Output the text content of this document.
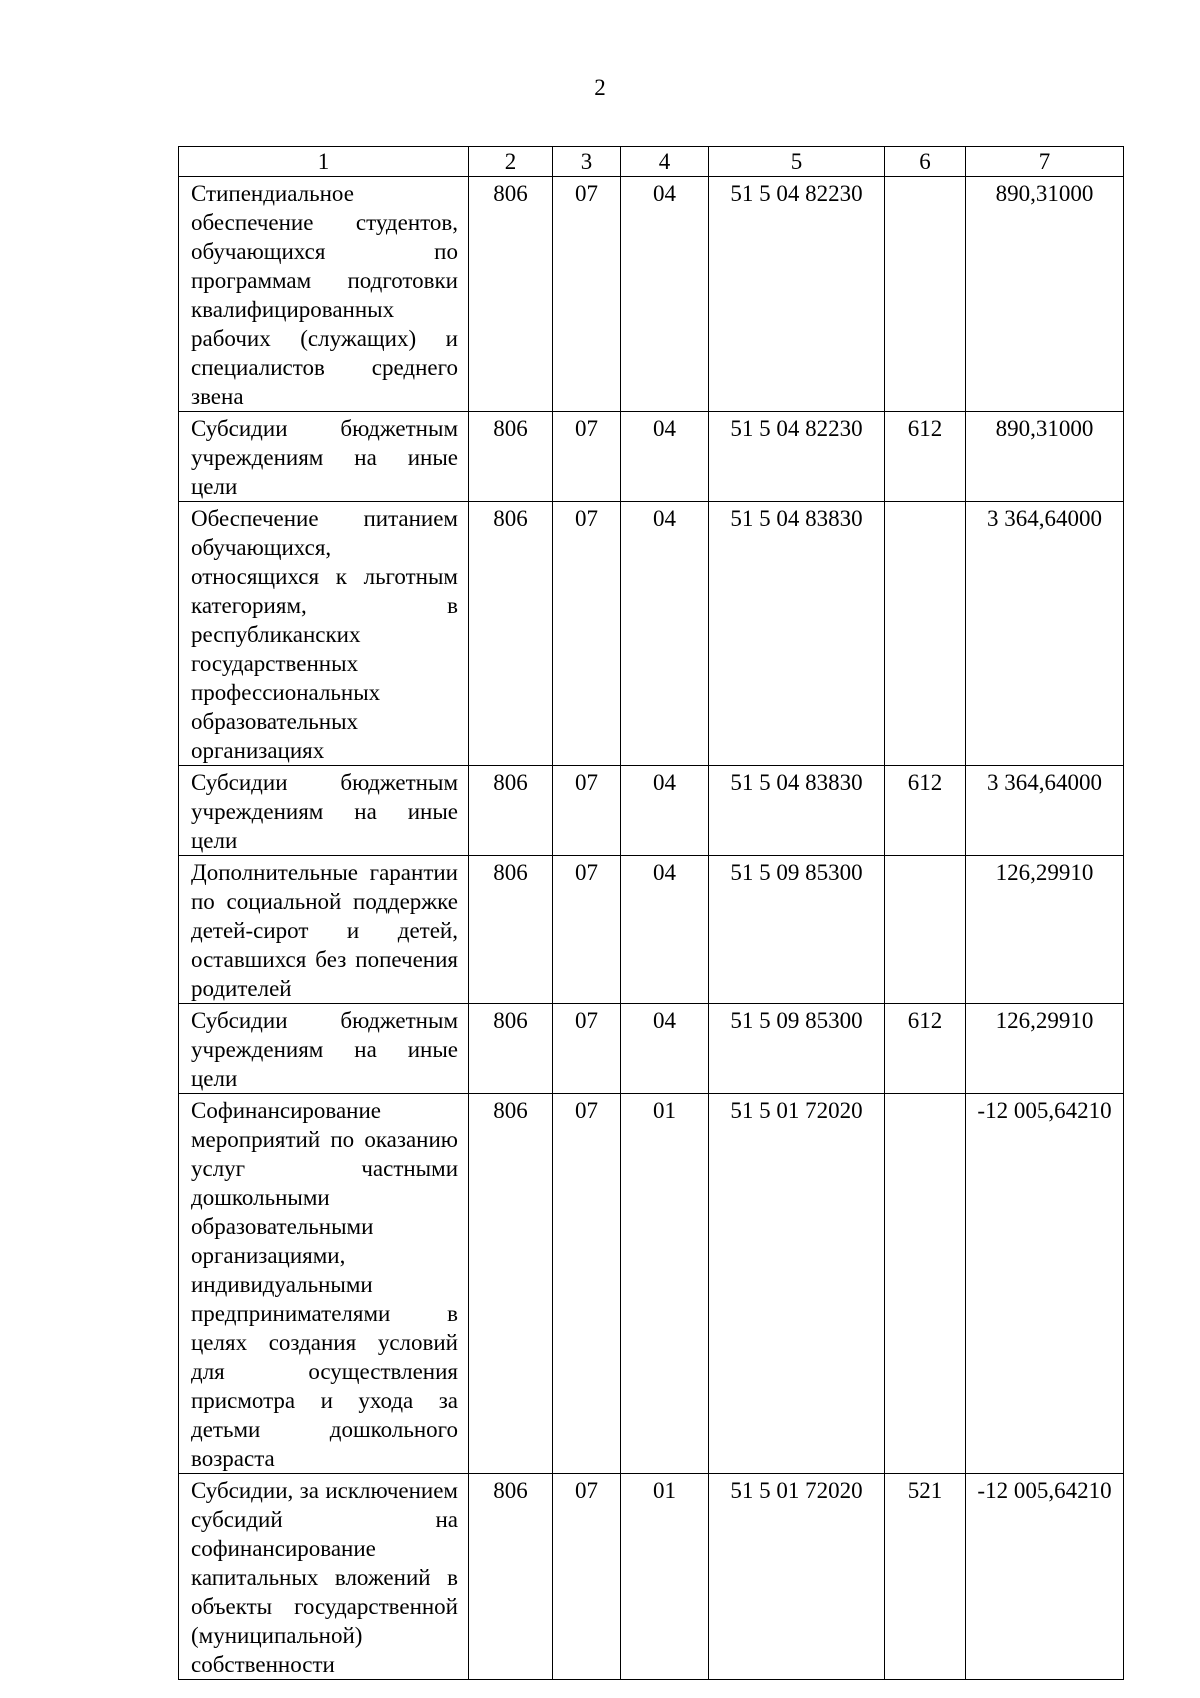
2
1	2	3	4	5	6	7
Стипендиальное обеспечение студентов, обучающихся по программам подготовки квалифицированных рабочих (служащих) и специалистов среднего звена	806	07	04	51 5 04 82230		890,31000
Субсидии бюджетным учреждениям на иные цели	806	07	04	51 5 04 82230	612	890,31000
Обеспечение питанием обучающихся, относящихся к льготным категориям, в республиканских государственных профессиональных образовательных организациях	806	07	04	51 5 04 83830		3 364,64000
Субсидии бюджетным учреждениям на иные цели	806	07	04	51 5 04 83830	612	3 364,64000
Дополнительные гарантии по социальной поддержке детей-сирот и детей, оставшихся без попечения родителей	806	07	04	51 5 09 85300		126,29910
Субсидии бюджетным учреждениям на иные цели	806	07	04	51 5 09 85300	612	126,29910
Софинансирование мероприятий по оказанию услуг частными дошкольными образовательными организациями, индивидуальными предпринимателями в целях создания условий для осуществления присмотра и ухода за детьми дошкольного возраста	806	07	01	51 5 01 72020		-12 005,64210
Субсидии, за исключением субсидий на софинансирование капитальных вложений в объекты государственной (муниципальной) собственности	806	07	01	51 5 01 72020	521	-12 005,64210
